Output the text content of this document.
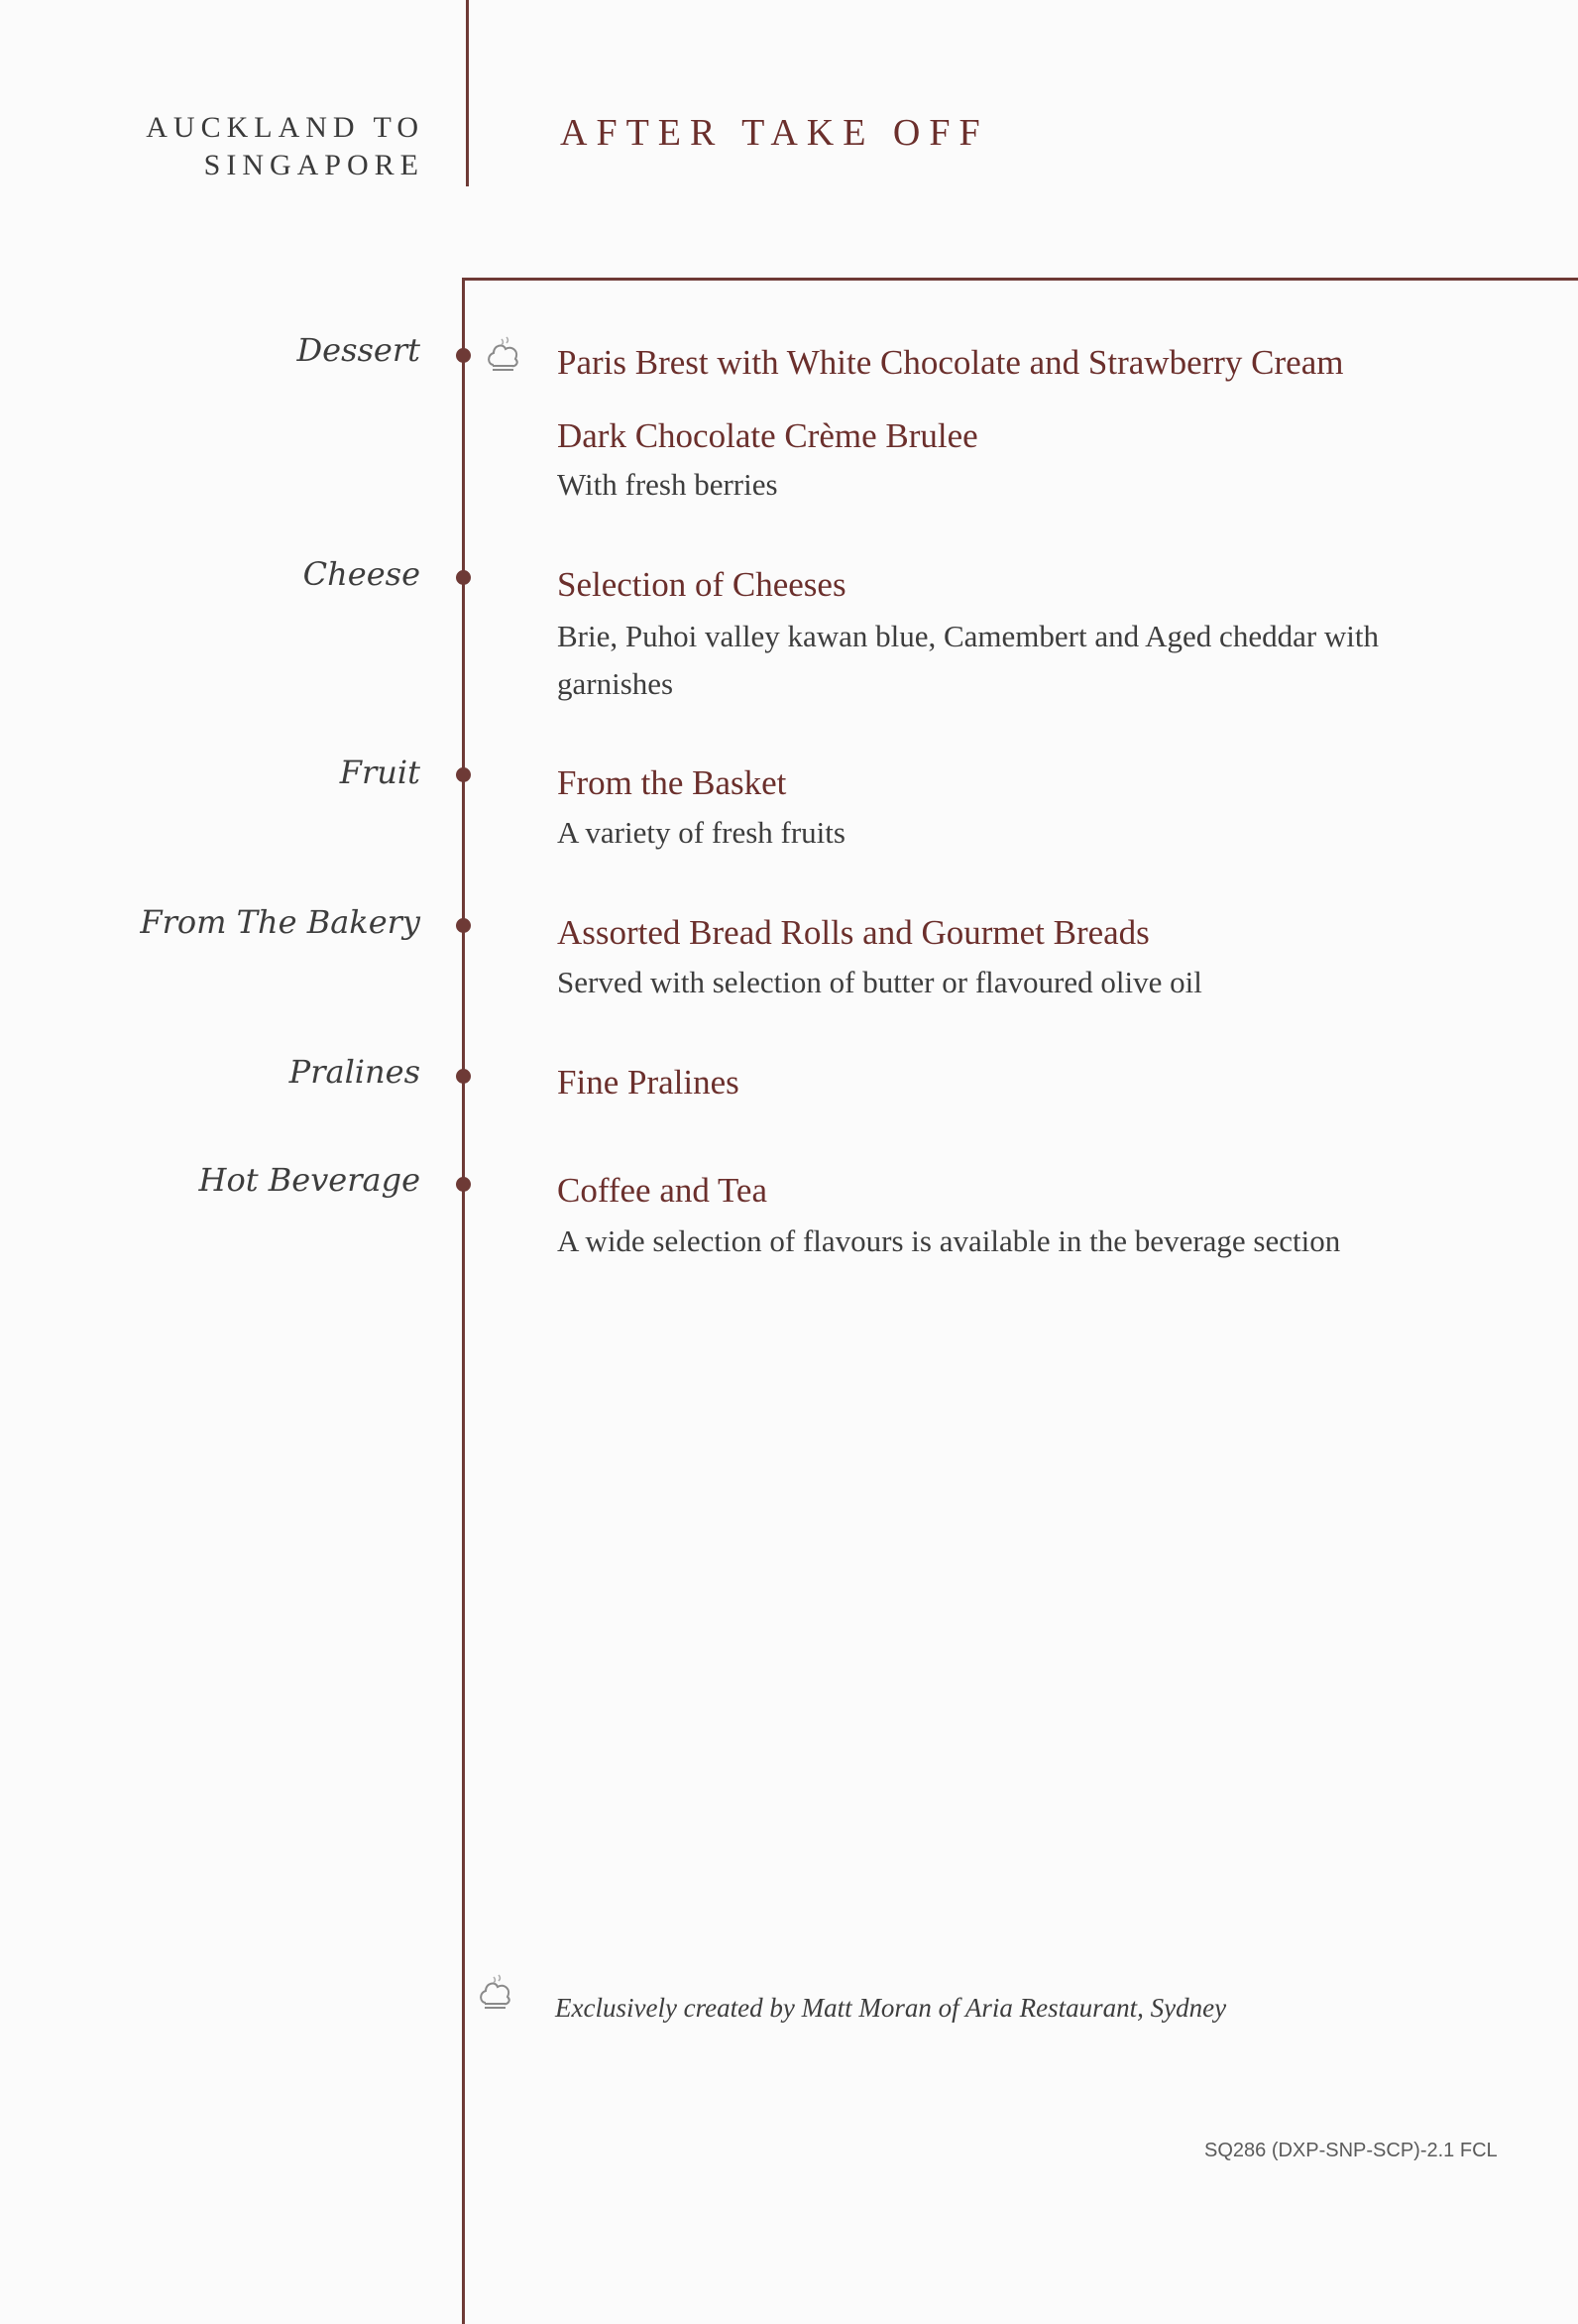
AUCKLAND TO
SINGAPORE
AFTER TAKE OFF
Dessert	Paris Brest with White Chocolate and Strawberry Cream
Dark Chocolate Crème Brulee
With fresh berries
Cheese	Selection of Cheeses
Brie, Puhoi valley kawan blue, Camembert and Aged cheddar with garnishes
Fruit	From the Basket
A variety of fresh fruits
From The Bakery	Assorted Bread Rolls and Gourmet Breads
Served with selection of butter or flavoured olive oil
Pralines	Fine Pralines
Hot Beverage	Coffee and Tea
A wide selection of flavours is available in the beverage section
Exclusively created by Matt Moran of Aria Restaurant, Sydney
SQ286 (DXP-SNP-SCP)-2.1 FCL
